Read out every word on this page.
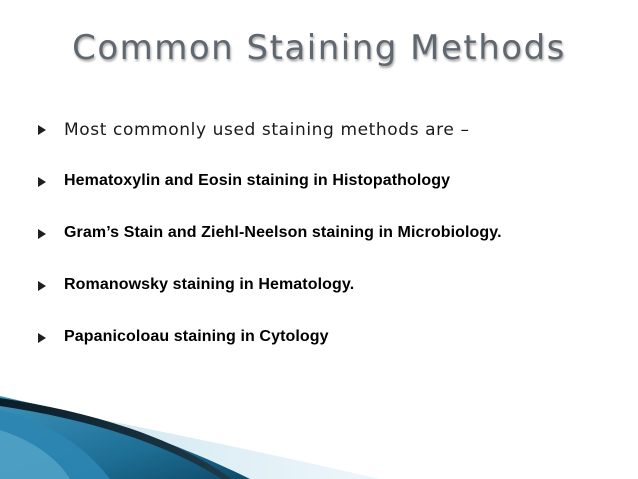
Common Staining Methods
Most commonly used staining methods are –
Hematoxylin and Eosin staining in Histopathology
Gram’s Stain and Ziehl-Neelson staining in Microbiology.
Romanowsky staining in Hematology.
Papanicoloau staining in Cytology
